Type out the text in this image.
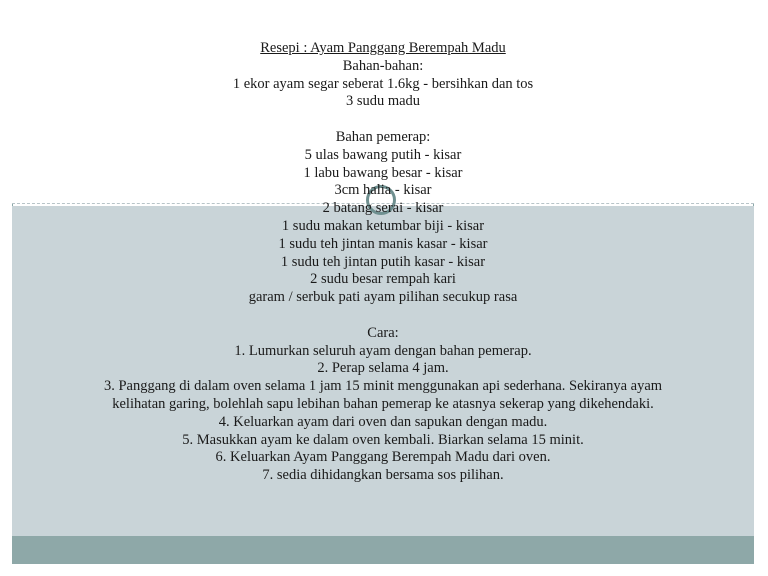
Resepi : Ayam Panggang Berempah Madu
Bahan-bahan:
1 ekor ayam segar seberat 1.6kg - bersihkan dan tos
3 sudu madu
Bahan pemerap:
5 ulas bawang putih - kisar
1 labu bawang besar - kisar
3cm halia - kisar
2 batang serai - kisar
1 sudu makan ketumbar biji - kisar
1 sudu teh jintan manis kasar - kisar
1 sudu teh jintan putih kasar - kisar
2 sudu besar rempah kari
garam / serbuk pati ayam pilihan secukup rasa
Cara:
1. Lumurkan seluruh ayam dengan bahan pemerap.
2. Perap selama 4 jam.
3. Panggang di dalam oven selama 1 jam 15 minit menggunakan api sederhana. Sekiranya ayam
kelihatan garing, bolehlah sapu lebihan bahan pemerap ke atasnya sekerap yang dikehendaki.
4. Keluarkan ayam dari oven dan sapukan dengan madu.
5. Masukkan ayam ke dalam oven kembali. Biarkan selama 15 minit.
6. Keluarkan Ayam Panggang Berempah Madu dari oven.
7. sedia dihidangkan bersama sos pilihan.
